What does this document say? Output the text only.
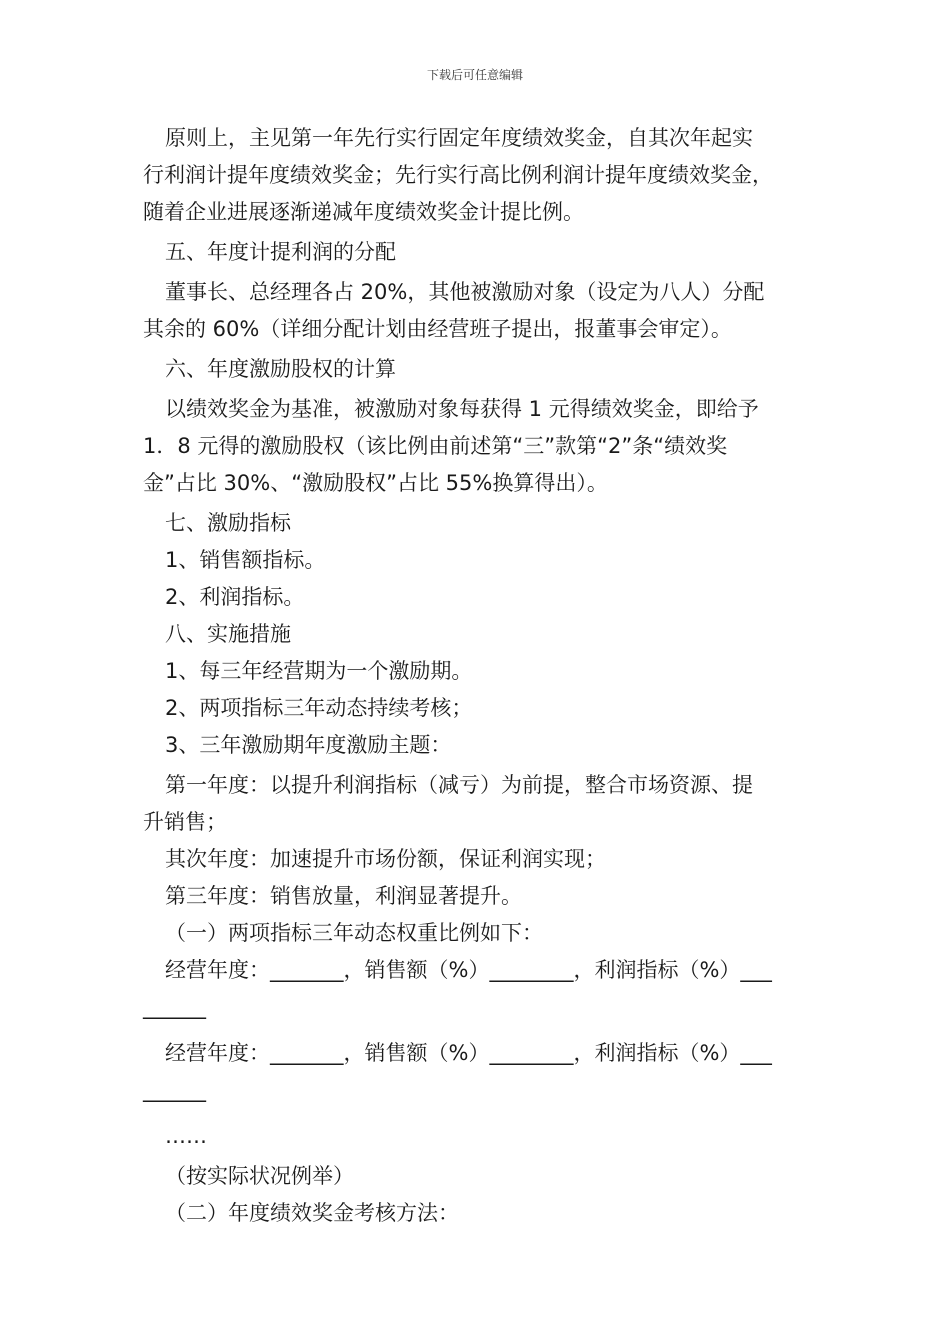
下载后可任意编辑

原则上，主见第一年先行实行固定年度绩效奖金，自其次年起实

行利润计提年度绩效奖金；先行实行高比例利润计提年度绩效奖金，

随着企业进展逐渐递减年度绩效奖金计提比例。

五、年度计提利润的分配

董事长、总经理各占 20%，其他被激励对象（设定为八人）分配

其余的 60%（详细分配计划由经营班子提出，报董事会审定）。

六、年度激励股权的计算

以绩效奖金为基准，被激励对象每获得 1 元得绩效奖金，即给予

1．8 元得的激励股权（该比例由前述第“三”款第“2”条“绩效奖

金”占比 30%、“激励股权”占比 55%换算得出）。

七、激励指标

1、销售额指标。

2、利润指标。

八、实施措施

1、每三年经营期为一个激励期。

2、两项指标三年动态持续考核；

3、三年激励期年度激励主题：

第一年度：以提升利润指标（减亏）为前提，整合市场资源、提

升销售；

其次年度：加速提升市场份额，保证利润实现；

第三年度：销售放量，利润显著提升。

（一）两项指标三年动态权重比例如下：

经营年度：_______，销售额（%）________，利润指标（%）___

______

经营年度：_______，销售额（%）________，利润指标（%）___

______

……

（按实际状况例举）

（二）年度绩效奖金考核方法：
